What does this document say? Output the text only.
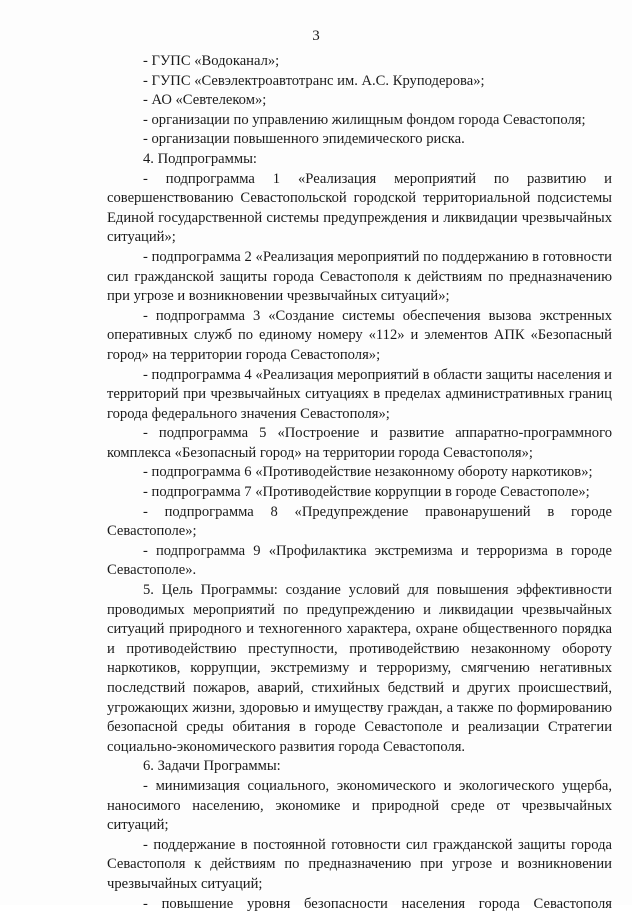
3

- ГУПС «Водоканал»;

- ГУПС «Севэлектроавтотранс им. А.С. Круподерова»;

- АО «Севтелеком»;

- организации по управлению жилищным фондом города Севастополя;

- организации повышенного эпидемического риска.

4. Подпрограммы:

- подпрограмма 1 «Реализация мероприятий по развитию и совершенствованию Севастопольской городской территориальной подсистемы Единой государственной системы предупреждения и ликвидации чрезвычайных ситуаций»;

- подпрограмма 2 «Реализация мероприятий по поддержанию в готовности сил гражданской защиты города Севастополя к действиям по предназначению при угрозе и возникновении чрезвычайных ситуаций»;

- подпрограмма 3 «Создание системы обеспечения вызова экстренных оперативных служб по единому номеру «112» и элементов АПК «Безопасный город» на территории города Севастополя»;

- подпрограмма 4 «Реализация мероприятий в области защиты населения и территорий при чрезвычайных ситуациях в пределах административных границ города федерального значения Севастополя»;

- подпрограмма 5 «Построение и развитие аппаратно-программного комплекса «Безопасный город» на территории города Севастополя»;

- подпрограмма 6 «Противодействие незаконному обороту наркотиков»;

- подпрограмма 7 «Противодействие коррупции в городе Севастополе»;

- подпрограмма 8 «Предупреждение правонарушений в городе Севастополе»;

- подпрограмма 9 «Профилактика экстремизма и терроризма в городе Севастополе».

5. Цель Программы: создание условий для повышения эффективности проводимых мероприятий по предупреждению и ликвидации чрезвычайных ситуаций природного и техногенного характера, охране общественного порядка и противодействию преступности, противодействию незаконному обороту наркотиков, коррупции, экстремизму и терроризму, смягчению негативных последствий пожаров, аварий, стихийных бедствий и других происшествий, угрожающих жизни, здоровью и имуществу граждан, а также по формированию безопасной среды обитания в городе Севастополе и реализации Стратегии социально-экономического развития города Севастополя.

6. Задачи Программы:

- минимизация социального, экономического и экологического ущерба, наносимого населению, экономике и природной среде от чрезвычайных ситуаций;

- поддержание в постоянной готовности сил гражданской защиты города Севастополя к действиям по предназначению при угрозе и возникновении чрезвычайных ситуаций;

- повышение уровня безопасности населения города Севастополя
